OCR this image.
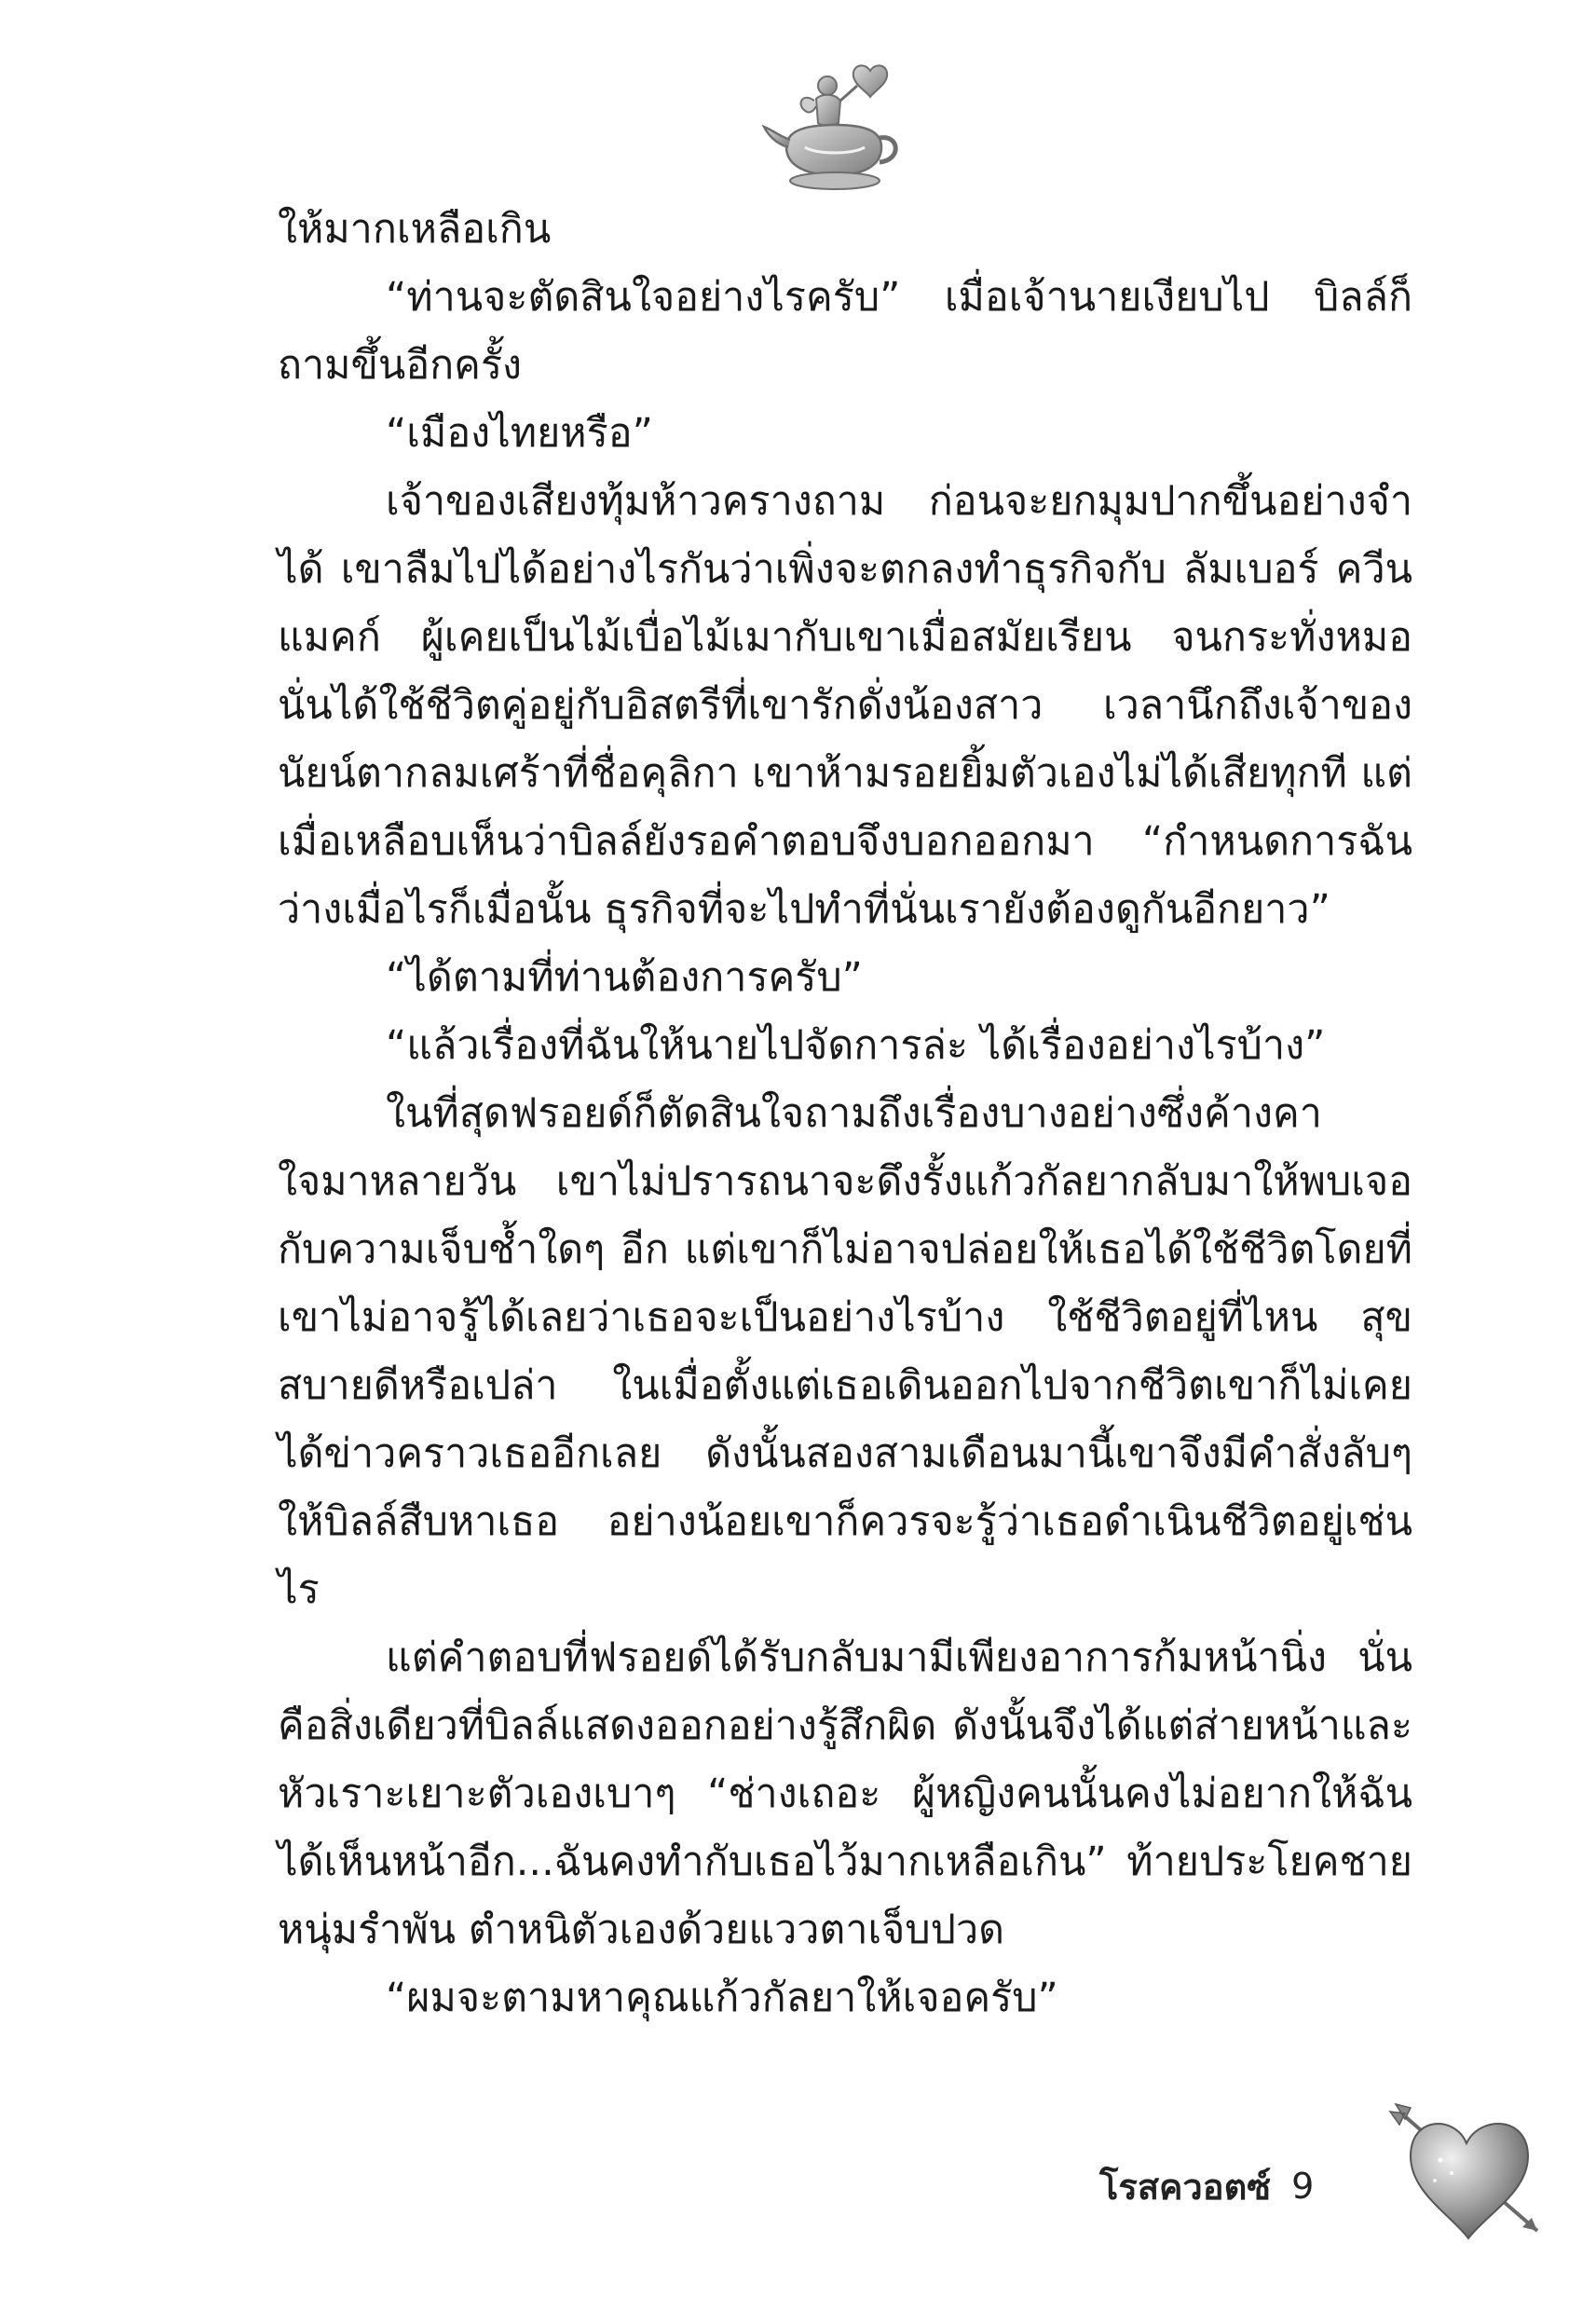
ให้มากเหลือเกิน

“ท่านจะตัดสินใจอย่างไรครับ” เมื่อเจ้านายเงียบไป บิลล์ก็ถามขึ้นอีกครั้ง

“เมืองไทยหรือ”

เจ้าของเสียงทุ้มห้าวครางถาม ก่อนจะยกมุมปากขึ้นอย่างจำได้ เขาลืมไปได้อย่างไรกันว่าเพิ่งจะตกลงทำธุรกิจกับ ลัมเบอร์ ควีนแมคก์ ผู้เคยเป็นไม้เบื่อไม้เมากับเขาเมื่อสมัยเรียน จนกระทั่งหมอนั่นได้ใช้ชีวิตคู่อยู่กับอิสตรีที่เขารักดั่งน้องสาว เวลานึกถึงเจ้าของนัยน์ตากลมเศร้าที่ชื่อคุลิกา เขาห้ามรอยยิ้มตัวเองไม่ได้เสียทุกที แต่เมื่อเหลือบเห็นว่าบิลล์ยังรอคำตอบจึงบอกออกมา “กำหนดการฉันว่างเมื่อไรก็เมื่อนั้น ธุรกิจที่จะไปทำที่นั่นเรายังต้องดูกันอีกยาว”

“ได้ตามที่ท่านต้องการครับ”

“แล้วเรื่องที่ฉันให้นายไปจัดการล่ะ ได้เรื่องอย่างไรบ้าง”

ในที่สุดฟรอยด์ก็ตัดสินใจถามถึงเรื่องบางอย่างซึ่งค้างคาใจมาหลายวัน เขาไม่ปรารถนาจะดึงรั้งแก้วกัลยากลับมาให้พบเจอกับความเจ็บช้ำใดๆ อีก แต่เขาก็ไม่อาจปล่อยให้เธอได้ใช้ชีวิตโดยที่เขาไม่อาจรู้ได้เลยว่าเธอจะเป็นอย่างไรบ้าง ใช้ชีวิตอยู่ที่ไหน สุขสบายดีหรือเปล่า ในเมื่อตั้งแต่เธอเดินออกไปจากชีวิตเขาก็ไม่เคยได้ข่าวคราวเธออีกเลย ดังนั้นสองสามเดือนมานี้เขาจึงมีคำสั่งลับๆ ให้บิลล์สืบหาเธอ อย่างน้อยเขาก็ควรจะรู้ว่าเธอดำเนินชีวิตอยู่เช่นไร

แต่คำตอบที่ฟรอยด์ได้รับกลับมามีเพียงอาการก้มหน้านิ่ง นั่นคือสิ่งเดียวที่บิลล์แสดงออกอย่างรู้สึกผิด ดังนั้นจึงได้แต่ส่ายหน้าและหัวเราะเยาะตัวเองเบาๆ “ช่างเถอะ ผู้หญิงคนนั้นคงไม่อยากให้ฉันได้เห็นหน้าอีก...ฉันคงทำกับเธอไว้มากเหลือเกิน” ท้ายประโยคชายหนุ่มรำพัน ตำหนิตัวเองด้วยแววตาเจ็บปวด

“ผมจะตามหาคุณแก้วกัลยาให้เจอครับ”

โรสควอตซ์ 9
